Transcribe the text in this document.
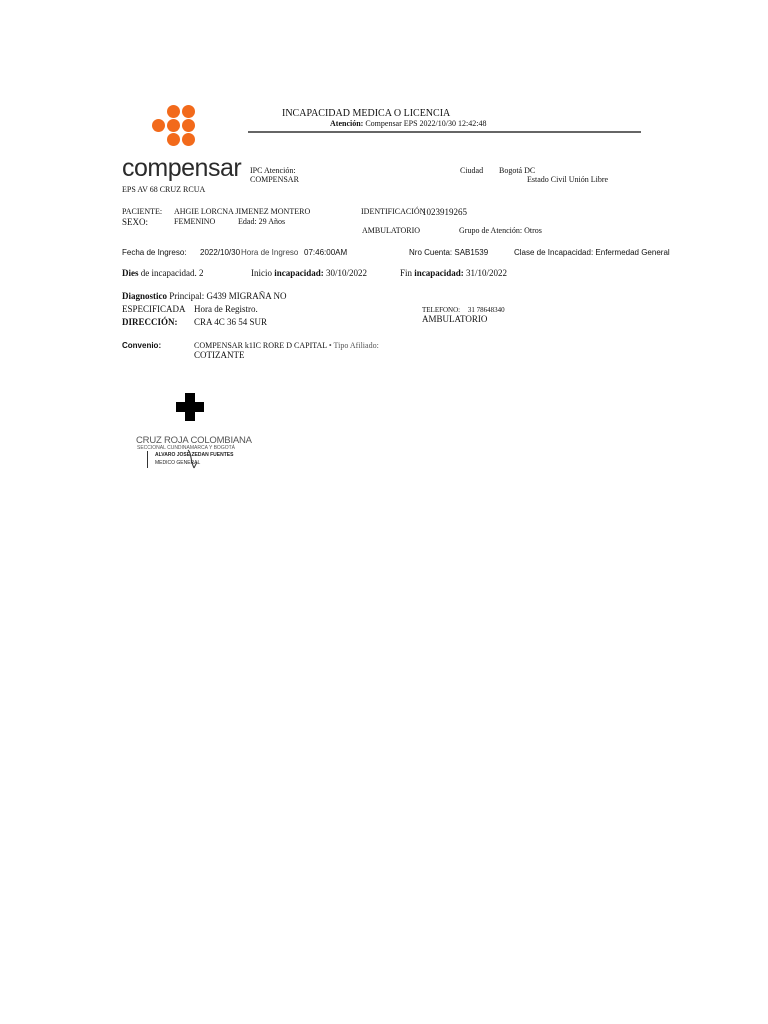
compensar
INCAPACIDAD MEDICA O LICENCIA
Atención: Compensar EPS 2022/10/30 12:42:48
IPC Atención:
COMPENSAR
Ciudad Bogotá DC
Estado Civil Unión Libre
EPS AV 68 CRUZ RCUA
PACIENTE: AHGIE LORCNA JIMENEZ MONTERO	IDENTIFICACIÓN
1023919265
SEXO:	FEMENINO	Edad: 29 Años
AMBULATORIO	Grupo de Atención: Otros
Fecha de Ingreso: 2022/10/30 Hora de Ingreso 07:46:00AM	Nro Cuenta: SAB1539	Clase de Incapacidad: Enfermedad General
Dies de incapacidad. 2	Inicio incapacidad: 30/10/2022	Fin incapacidad: 31/10/2022
Diagnostico Principal: G439 MIGRAÑA NO
ESPECIFICADA Hora de Registro.	TELEFONO: 31 78648340
DIRECCIÓN: CRA 4C 36 54 SUR	AMBULATORIO
Convenio:	COMPENSAR k1IC RORE D CAPITAL • Tipo Afiliado:
COTIZANTE
CRUZ ROJA COLOMBIANA
SECCIONAL CUNDINAMARCA Y BOGOTÁ
ALVARO JOSE ZEDAN FUENTES
MEDICO GENERAL
